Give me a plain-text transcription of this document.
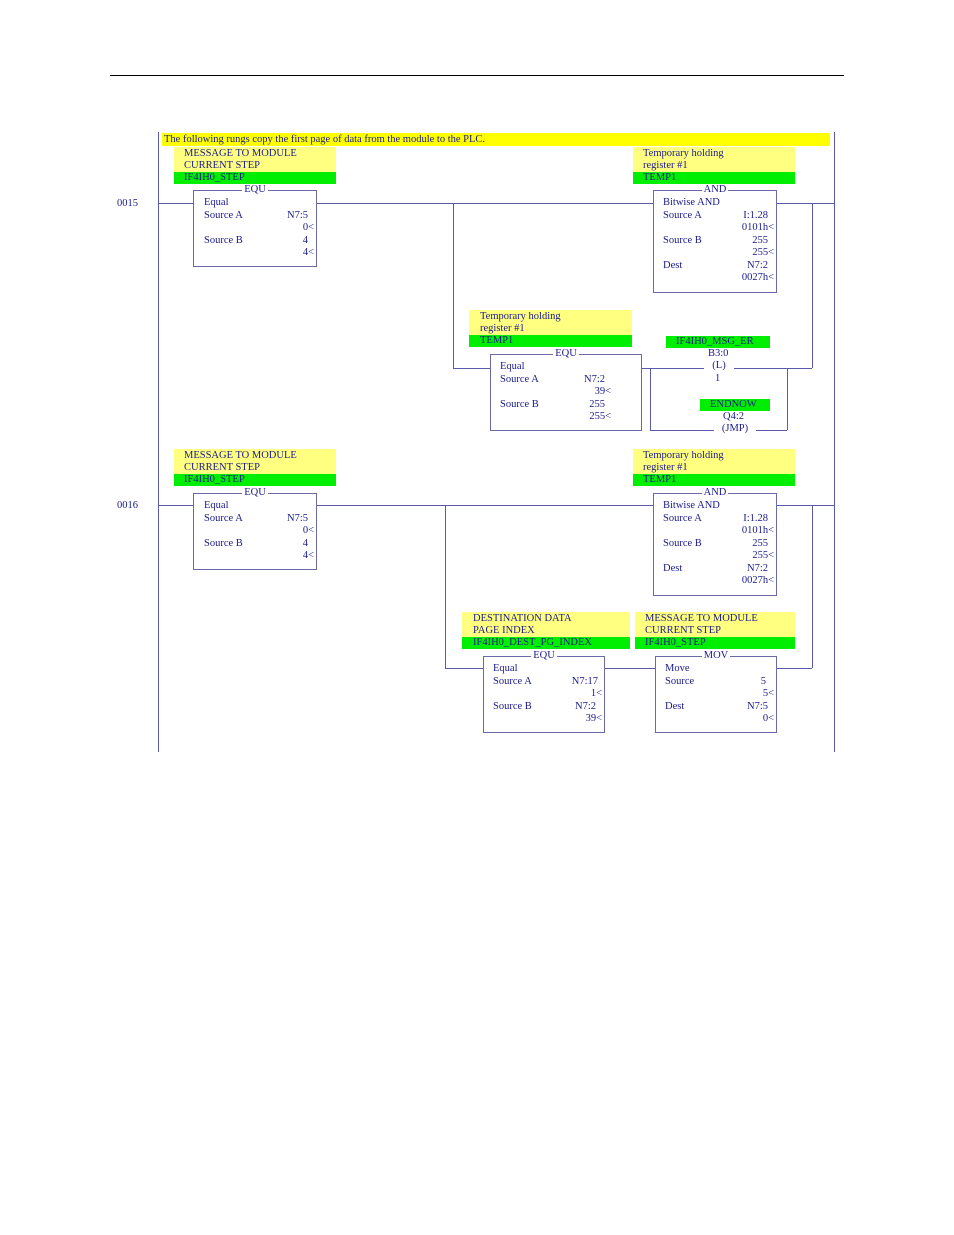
The following rungs copy the first page of data from the module to the PLC.
0015
MESSAGE TO MODULE
CURRENT STEP
IF4IH0_STEP
EQU
Equal
Source A	N7:5
0<
Source B	4
4<
Temporary holding
register #1
TEMP1
AND
Bitwise AND
Source A	I:1.28
0101h<
Source B	255
255<
Dest	N7:2
0027h<
Temporary holding
register #1
TEMP1
EQU
Equal
Source A	N7:2
39<
Source B	255
255<
IF4IH0_MSG_ER
B3:0
(L)
1
ENDNOW
Q4:2
(JMP)
0016
MESSAGE TO MODULE
CURRENT STEP
IF4IH0_STEP
EQU
Equal
Source A	N7:5
0<
Source B	4
4<
Temporary holding
register #1
TEMP1
AND
Bitwise AND
Source A	I:1.28
0101h<
Source B	255
255<
Dest	N7:2
0027h<
DESTINATION DATA
PAGE INDEX
IF4IH0_DEST_PG_INDEX
EQU
Equal
Source A	N7:17
1<
Source B	N7:2
39<
MESSAGE TO MODULE
CURRENT STEP
IF4IH0_STEP
MOV
Move
Source	5
5<
Dest	N7:5
0<
